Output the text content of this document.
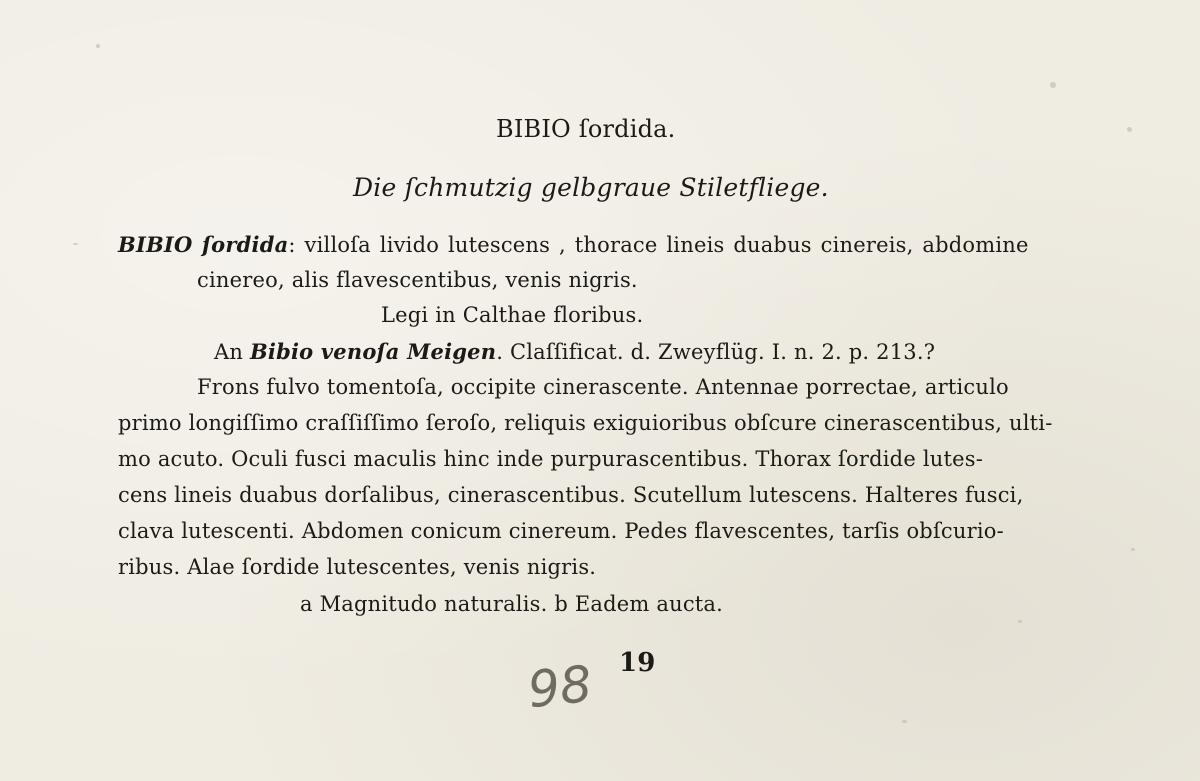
BIBIO ſordida.
Die ſchmutzig gelbgraue Stiletfliege.
BIBIO ſordida: villoſa livido lutescens , thorace lineis duabus cinereis, abdomine
cinereo, alis flavescentibus, venis nigris.
Legi in Calthae floribus.
An Bibio venoſa Meigen. Claſſificat. d. Zweyflüg. I. n. 2. p. 213.?
Frons fulvo tomentoſa, occipite cinerascente. Antennae porrectae, articulo
primo longiſſimo craſſiſſimo ſeroſo, reliquis exiguioribus obſcure cinerascentibus, ulti-
mo acuto. Oculi fusci maculis hinc inde purpurascentibus. Thorax ſordide lutes-
cens lineis duabus dorſalibus, cinerascentibus. Scutellum lutescens. Halteres fusci,
clava lutescenti. Abdomen conicum cinereum. Pedes flavescentes, tarſis obſcurio-
ribus. Alae ſordide lutescentes, venis nigris.
a Magnitudo naturalis. b Eadem aucta.
19
98
